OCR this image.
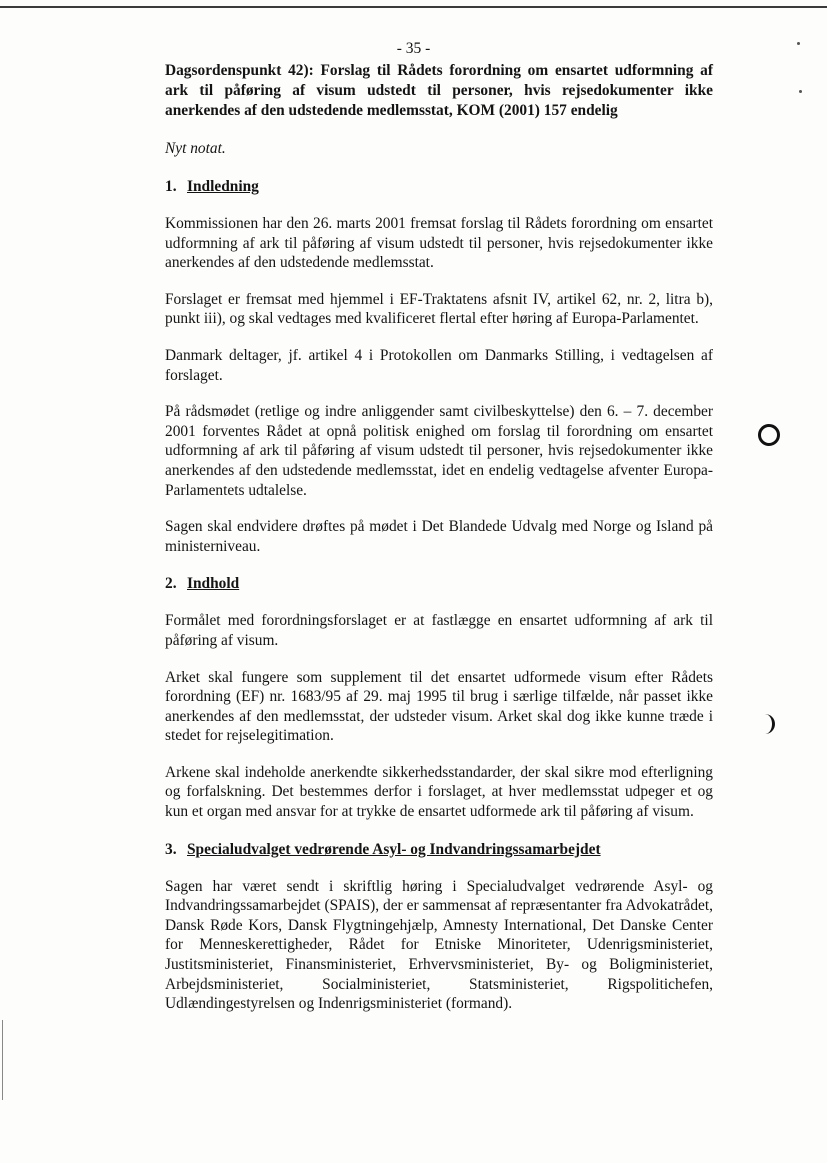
- 35 -

Dagsordenspunkt 42): Forslag til Rådets forordning om ensartet udformning af ark til påføring af visum udstedt til personer, hvis rejsedokumenter ikke anerkendes af den udstedende medlemsstat, KOM (2001) 157 endelig

Nyt notat.
1. Indledning

Kommissionen har den 26. marts 2001 fremsat forslag til Rådets forordning om ensartet udformning af ark til påføring af visum udstedt til personer, hvis rejsedokumenter ikke anerkendes af den udstedende medlemsstat.

Forslaget er fremsat med hjemmel i EF-Traktatens afsnit IV, artikel 62, nr. 2, litra b), punkt iii), og skal vedtages med kvalificeret flertal efter høring af Europa-Parlamentet.

Danmark deltager, jf. artikel 4 i Protokollen om Danmarks Stilling, i vedtagelsen af forslaget.

På rådsmødet (retlige og indre anliggender samt civilbeskyttelse) den 6. – 7. december 2001 forventes Rådet at opnå politisk enighed om forslag til forordning om ensartet udformning af ark til påføring af visum udstedt til personer, hvis rejsedokumenter ikke anerkendes af den udstedende medlemsstat, idet en endelig vedtagelse afventer Europa-Parlamentets udtalelse.

Sagen skal endvidere drøftes på mødet i Det Blandede Udvalg med Norge og Island på ministerniveau.

2. Indhold

Formålet med forordningsforslaget er at fastlægge en ensartet udformning af ark til påføring af visum.

Arket skal fungere som supplement til det ensartet udformede visum efter Rådets forordning (EF) nr. 1683/95 af 29. maj 1995 til brug i særlige tilfælde, når passet ikke anerkendes af den medlemsstat, der udsteder visum. Arket skal dog ikke kunne træde i stedet for rejselegitimation.

Arkene skal indeholde anerkendte sikkerhedsstandarder, der skal sikre mod efterligning og forfalskning. Det bestemmes derfor i forslaget, at hver medlemsstat udpeger et og kun et organ med ansvar for at trykke de ensartet udformede ark til påføring af visum.

3. Specialudvalget vedrørende Asyl- og Indvandringssamarbejdet

Sagen har været sendt i skriftlig høring i Specialudvalget vedrørende Asyl- og Indvandringssamarbejdet (SPAIS), der er sammensat af repræsentanter fra Advokatrådet, Dansk Røde Kors, Dansk Flygtningehjælp, Amnesty International, Det Danske Center for Menneskerettigheder, Rådet for Etniske Minoriteter, Udenrigsministeriet, Justitsministeriet, Finansministeriet, Erhvervsministeriet, By- og Boligministeriet, Arbejdsministeriet, Socialministeriet, Statsministeriet, Rigspolitichefen, Udlændingestyrelsen og Indenrigsministeriet (formand).
